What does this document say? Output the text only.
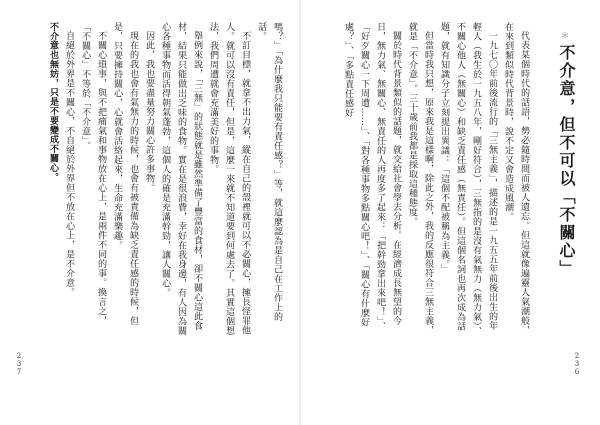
嗎？」「為什麼我只能要有責任感？」等，就這麼認為是自己在工作上的話。

不訂目標，就拿不出力氣，縱在自己的殼裡就可以不必關心，擁長怪罪他人。就可以沒有責任，但是，這麼一來就不知道要到何處去了。其實這個想法，我們周遭就會充滿美好的事物。

舉例來說，「三無」的狀態就是雖然準備了豐富的食材，卻不關心這此食材，結果只能做出乏味的食物。實在是很浪費，幸好在我身邊，有人因為關心各種事物而活得朝氣蓬勃，這個人的確是充滿幹勁，讓人關心。

因此，我也要盡量努力關心許多事物。

現在的我也會有氣無力的時候，也會有被責備為缺乏責任感的時候，但是，只要擁持關心，心就會活絡起來，生命充滿樂趣。

不關心瑣事，與不把痛氣和事物放在心上，是兩件不同的事。換言之，「不關心」不等於「不介意」。

自絕於外界是不關心，不自絕於外界但不放在心上，是不介意。

不介意也無妨，只是不要變成不關心。

237
＊
不介意，但不可以「不關心」

代表某個時代的話語，勢必隨時間而被人遺忘。但這就像遍靈人氣潮般，在來到類似時代背景時，說不定又會造成風潮。

一九七〇年前後流行的「三無主義」，描述的是一九五五年前後出生的年輕人（我生於一九五八年，剛好符合），三無指的是沒有氣無力（無力氣）、不關心他人（無關心）和缺乏責任感（無責任）。但這個名詞也再次成為話題，就有知識分子立刻提出異議：「這個不配被稱為主義。」

但當時我只想，原來我是這樣啊，除此之外，我的反應很符合三無主義，就是「不介意」。三十歲前我都是採取這種態度。

關於時代背景類似的話題，就交給社會學去分析。在經濟成長無望的今日，無力氣、無關心、無責任的人再度多了起來：「把幹勁拿出來吧！」、「好歹關心一下周遭……」、「對各種事物多點關心吧！」、「關心有什麼好處？」、「多點責任感好

236
